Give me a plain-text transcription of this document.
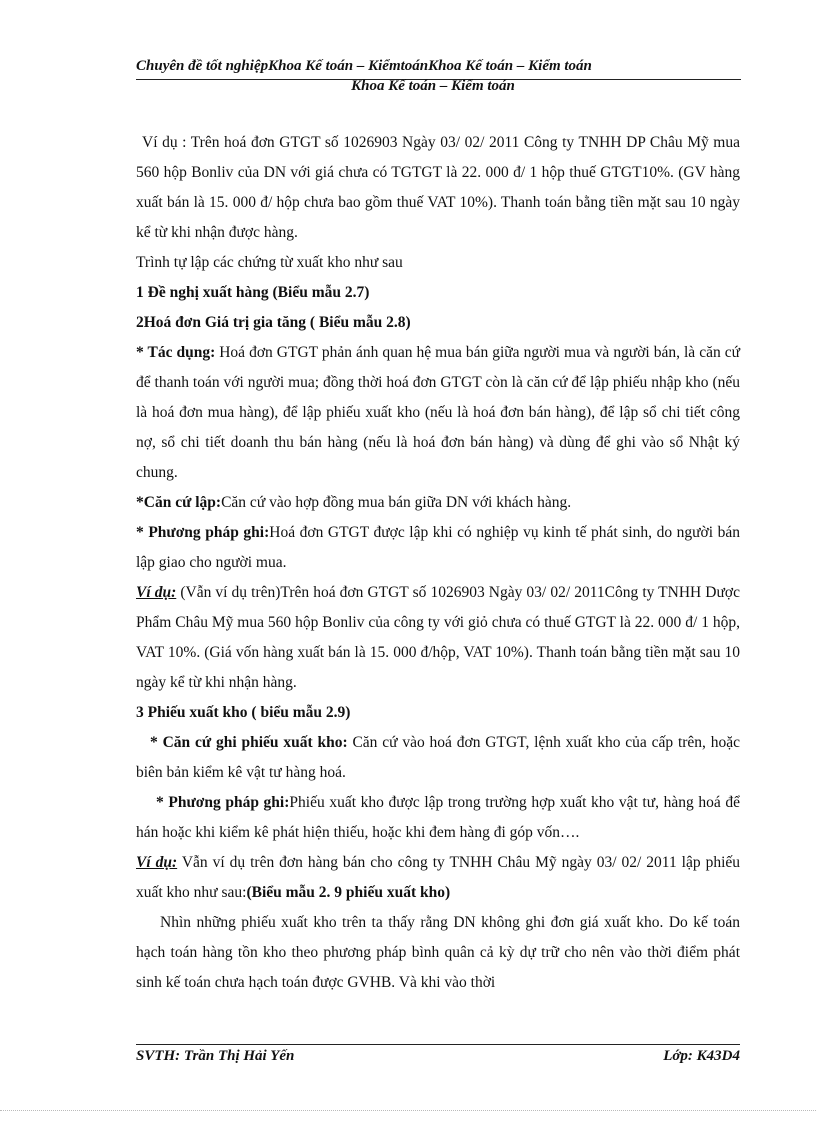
Chuyên đề tốt nghiệpKhoa Kế toán – KiểmtoánKhoa Kế toán – Kiểm toán
Khoa Kế toán – Kiểm toán

Ví dụ : Trên hoá đơn GTGT số 1026903 Ngày 03/ 02/ 2011 Công ty TNHH DP Châu Mỹ mua 560 hộp Bonliv của DN với giá chưa có TGTGT là 22. 000 đ/ 1 hộp thuế GTGT10%. (GV hàng xuất bán là 15. 000 đ/ hộp chưa bao gồm thuế VAT 10%). Thanh toán bằng tiền mặt sau 10 ngày kể từ khi nhận được hàng.

Trình tự lập các chứng từ xuất kho như sau

1 Đề nghị xuất hàng (Biểu mẫu 2.7)

2Hoá đơn Giá trị gia tăng ( Biểu mẫu 2.8)

* Tác dụng: Hoá đơn GTGT phản ánh quan hệ mua bán giữa người mua và người bán, là căn cứ để thanh toán với người mua; đồng thời hoá đơn GTGT còn là căn cứ để lập phiếu nhập kho (nếu là hoá đơn mua hàng), để lập phiếu xuất kho (nếu là hoá đơn bán hàng), để lập sổ chi tiết công nợ, sổ chi tiết doanh thu bán hàng (nếu là hoá đơn bán hàng) và dùng để ghi vào sổ Nhật ký chung.

*Căn cứ lập:Căn cứ vào hợp đồng mua bán giữa DN với khách hàng.

* Phương pháp ghi:Hoá đơn GTGT được lập khi có nghiệp vụ kinh tế phát sinh, do người bán lập giao cho người mua.

Ví dụ: (Vẫn ví dụ trên)Trên hoá đơn GTGT số 1026903 Ngày 03/ 02/ 2011Công ty TNHH Dược Phẩm Châu Mỹ mua 560 hộp Bonliv của công ty với giỏ chưa có thuế GTGT là 22. 000 đ/ 1 hộp, VAT 10%. (Giá vốn hàng xuất bán là 15. 000 đ/hộp, VAT 10%). Thanh toán bằng tiền mặt sau 10 ngày kể từ khi nhận hàng.

3 Phiếu xuất kho ( biểu mẫu 2.9)

* Căn cứ ghi phiếu xuất kho: Căn cứ vào hoá đơn GTGT, lệnh xuất kho của cấp trên, hoặc biên bản kiểm kê vật tư hàng hoá.

* Phương pháp ghi:Phiếu xuất kho được lập trong trường hợp xuất kho vật tư, hàng hoá để hán hoặc khi kiểm kê phát hiện thiếu, hoặc khi đem hàng đi góp vốn….

Ví dụ: Vẫn ví dụ trên đơn hàng bán cho công ty TNHH Châu Mỹ ngày 03/ 02/ 2011 lập phiếu xuất kho như sau:(Biểu mẫu 2. 9 phiếu xuất kho)

Nhìn những phiếu xuất kho trên ta thấy rằng DN không ghi đơn giá xuất kho. Do kế toán hạch toán hàng tồn kho theo phương pháp bình quân cả kỳ dự trữ cho nên vào thời điểm phát sinh kế toán chưa hạch toán được GVHB. Và khi vào thời

SVTH: Trần Thị Hải Yến	Lớp: K43D4
